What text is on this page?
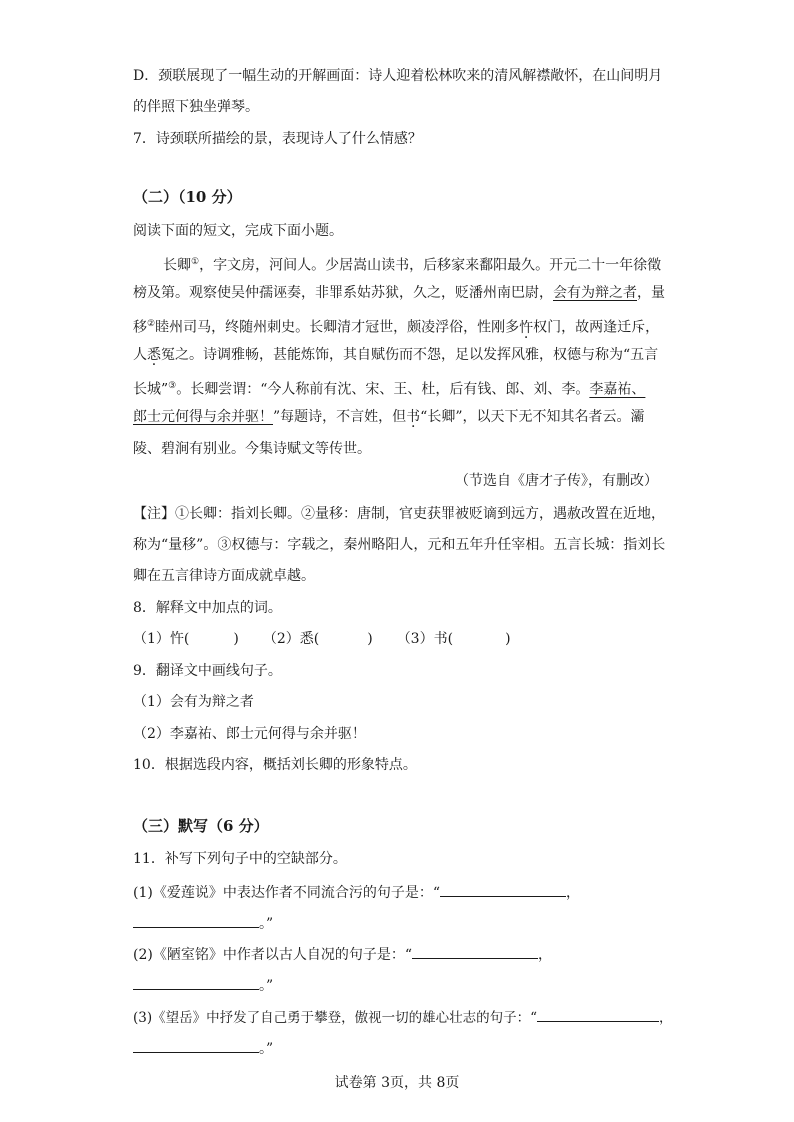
D．颈联展现了一幅生动的开解画面：诗人迎着松林吹来的清风解襟敞怀，在山间明月
的伴照下独坐弹琴。
7．诗颈联所描绘的景，表现诗人了什么情感？
（二）（10 分）
阅读下面的短文，完成下面小题。
长卿①，字文房，河间人。少居嵩山读书，后移家来鄱阳最久。开元二十一年徐徵
榜及第。观察使吴仲孺诬奏，非罪系姑苏狱，久之，贬潘州南巴尉，会有为辩之者，量
移②睦州司马，终随州刺史。长卿清才冠世，颇凌浮俗，性刚多忤权门，故两逢迁斥，
人悉冤之。诗调雅畅，甚能炼饰，其自赋伤而不怨，足以发挥风雅，权德与称为“五言
长城”③。长卿尝谓：“今人称前有沈、宋、王、杜，后有钱、郎、刘、李。李嘉祐、
郎士元何得与余并驱！”每题诗，不言姓，但书“长卿”，以天下无不知其名者云。灞
陵、碧涧有别业。今集诗赋文等传世。
（节选自《唐才子传》，有删改）
【注】①长卿：指刘长卿。②量移：唐制，官吏获罪被贬谪到远方，遇赦改置在近地，
称为“量移”。③权德与：字载之，秦州略阳人，元和五年升任宰相。五言长城：指刘长
卿在五言律诗方面成就卓越。
8．解释文中加点的词。
（1）忤(	) （2）悉(	) （3）书(	)
9．翻译文中画线句子。
（1）会有为辩之者
（2）李嘉祐、郎士元何得与余并驱！
10．根据选段内容，概括刘长卿的形象特点。
（三）默写（6 分）
11．补写下列句子中的空缺部分。
(1)《爱莲说》中表达作者不同流合污的句子是：“	，
。”
(2)《陋室铭》中作者以古人自况的句子是：“	，
。”
(3)《望岳》中抒发了自己勇于攀登，傲视一切的雄心壮志的句子：“	，
。”
试卷第 3页，共 8页
